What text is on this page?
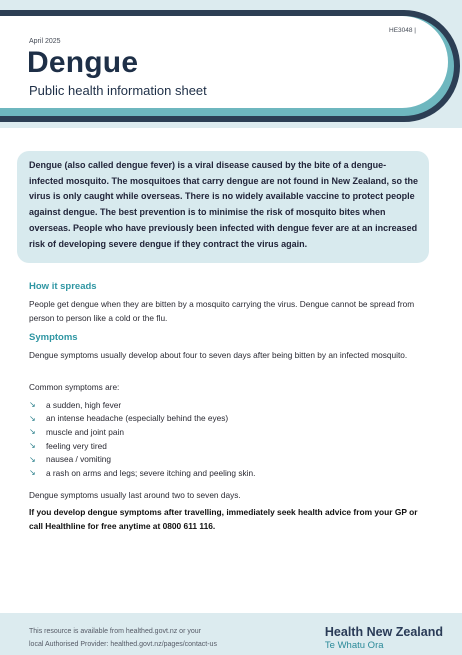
April 2025
HE3048 |
Dengue
Public health information sheet
Dengue (also called dengue fever) is a viral disease caused by the bite of a dengue-infected mosquito. The mosquitoes that carry dengue are not found in New Zealand, so the virus is only caught while overseas. There is no widely available vaccine to protect people against dengue. The best prevention is to minimise the risk of mosquito bites when overseas. People who have previously been infected with dengue fever are at an increased risk of developing severe dengue if they contract the virus again.
How it spreads
People get dengue when they are bitten by a mosquito carrying the virus. Dengue cannot be spread from person to person like a cold or the flu.
Symptoms
Dengue symptoms usually develop about four to seven days after being bitten by an infected mosquito.
Common symptoms are:
↘	a sudden, high fever
↘	an intense headache (especially behind the eyes)
↘	muscle and joint pain
↘	feeling very tired
↘	nausea / vomiting
↘	a rash on arms and legs; severe itching and peeling skin.
Dengue symptoms usually last around two to seven days.
If you develop dengue symptoms after travelling, immediately seek health advice from your GP or call Healthline for free anytime at 0800 611 116.
This resource is available from healthed.govt.nz or your
local Authorised Provider: healthed.govt.nz/pages/contact-us
Health New Zealand
Te Whatu Ora
